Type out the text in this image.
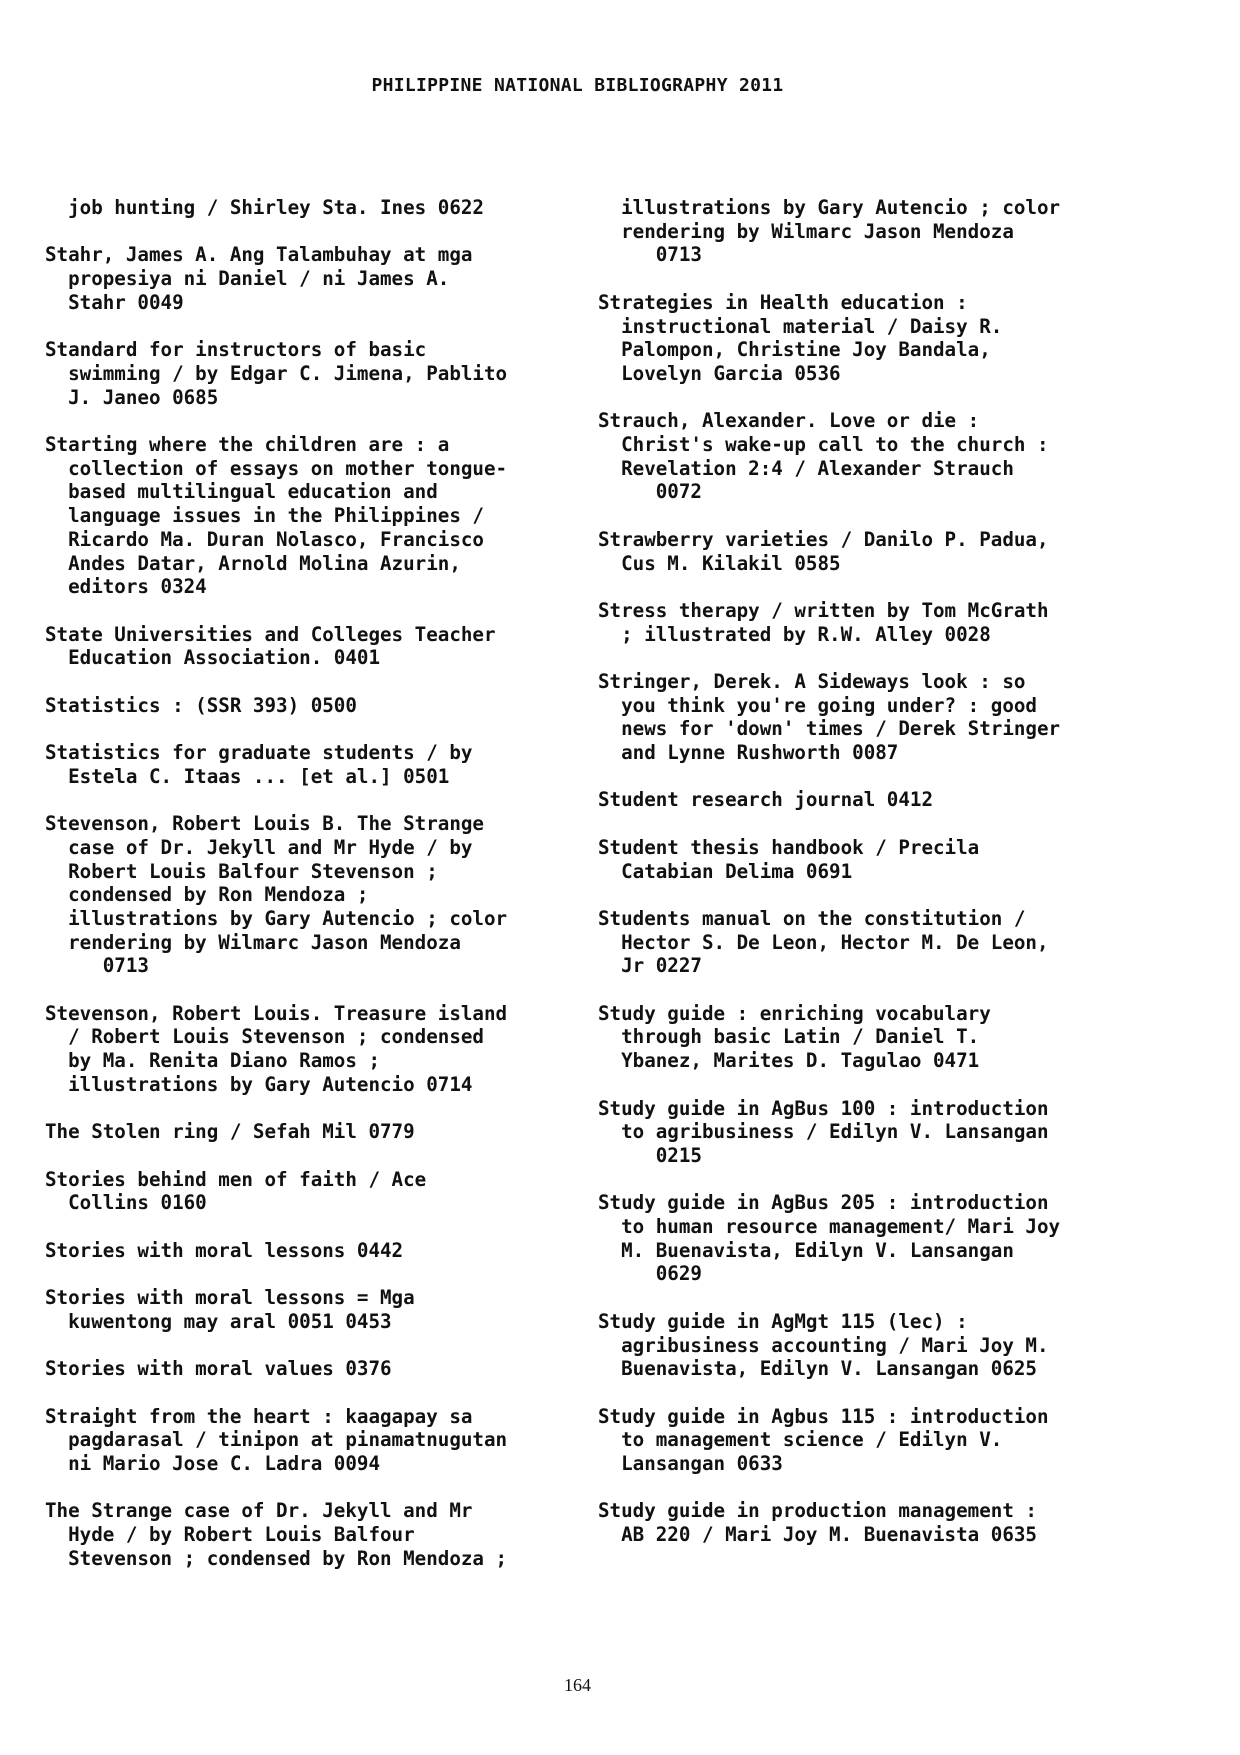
PHILIPPINE NATIONAL BIBLIOGRAPHY 2011
job hunting / Shirley Sta. Ines 0622
Stahr, James A. Ang Talambuhay at mga
propesiya ni Daniel / ni James A.
Stahr 0049
Standard for instructors of basic
swimming / by Edgar C. Jimena, Pablito
J. Janeo 0685
Starting where the children are : a
collection of essays on mother tongue-
based multilingual education and
language issues in the Philippines /
Ricardo Ma. Duran Nolasco, Francisco
Andes Datar, Arnold Molina Azurin,
editors 0324
State Universities and Colleges Teacher
Education Association. 0401
Statistics : (SSR 393) 0500
Statistics for graduate students / by
Estela C. Itaas ... [et al.] 0501
Stevenson, Robert Louis B. The Strange
case of Dr. Jekyll and Mr Hyde / by
Robert Louis Balfour Stevenson ;
condensed by Ron Mendoza ;
illustrations by Gary Autencio ; color
rendering by Wilmarc Jason Mendoza
0713
Stevenson, Robert Louis. Treasure island
/ Robert Louis Stevenson ; condensed
by Ma. Renita Diano Ramos ;
illustrations by Gary Autencio 0714
The Stolen ring / Sefah Mil 0779
Stories behind men of faith / Ace
Collins 0160
Stories with moral lessons 0442
Stories with moral lessons = Mga
kuwentong may aral 0051 0453
Stories with moral values 0376
Straight from the heart : kaagapay sa
pagdarasal / tinipon at pinamatnugutan
ni Mario Jose C. Ladra 0094
The Strange case of Dr. Jekyll and Mr
Hyde / by Robert Louis Balfour
Stevenson ; condensed by Ron Mendoza ;
illustrations by Gary Autencio ; color
rendering by Wilmarc Jason Mendoza
0713
Strategies in Health education :
instructional material / Daisy R.
Palompon, Christine Joy Bandala,
Lovelyn Garcia 0536
Strauch, Alexander. Love or die :
Christ's wake-up call to the church :
Revelation 2:4 / Alexander Strauch
0072
Strawberry varieties / Danilo P. Padua,
Cus M. Kilakil 0585
Stress therapy / written by Tom McGrath
; illustrated by R.W. Alley 0028
Stringer, Derek. A Sideways look : so
you think you're going under? : good
news for 'down' times / Derek Stringer
and Lynne Rushworth 0087
Student research journal 0412
Student thesis handbook / Precila
Catabian Delima 0691
Students manual on the constitution /
Hector S. De Leon, Hector M. De Leon,
Jr 0227
Study guide : enriching vocabulary
through basic Latin / Daniel T.
Ybanez, Marites D. Tagulao 0471
Study guide in AgBus 100 : introduction
to agribusiness / Edilyn V. Lansangan
0215
Study guide in AgBus 205 : introduction
to human resource management/ Mari Joy
M. Buenavista, Edilyn V. Lansangan
0629
Study guide in AgMgt 115 (lec) :
agribusiness accounting / Mari Joy M.
Buenavista, Edilyn V. Lansangan 0625
Study guide in Agbus 115 : introduction
to management science / Edilyn V.
Lansangan 0633
Study guide in production management :
AB 220 / Mari Joy M. Buenavista 0635
164
